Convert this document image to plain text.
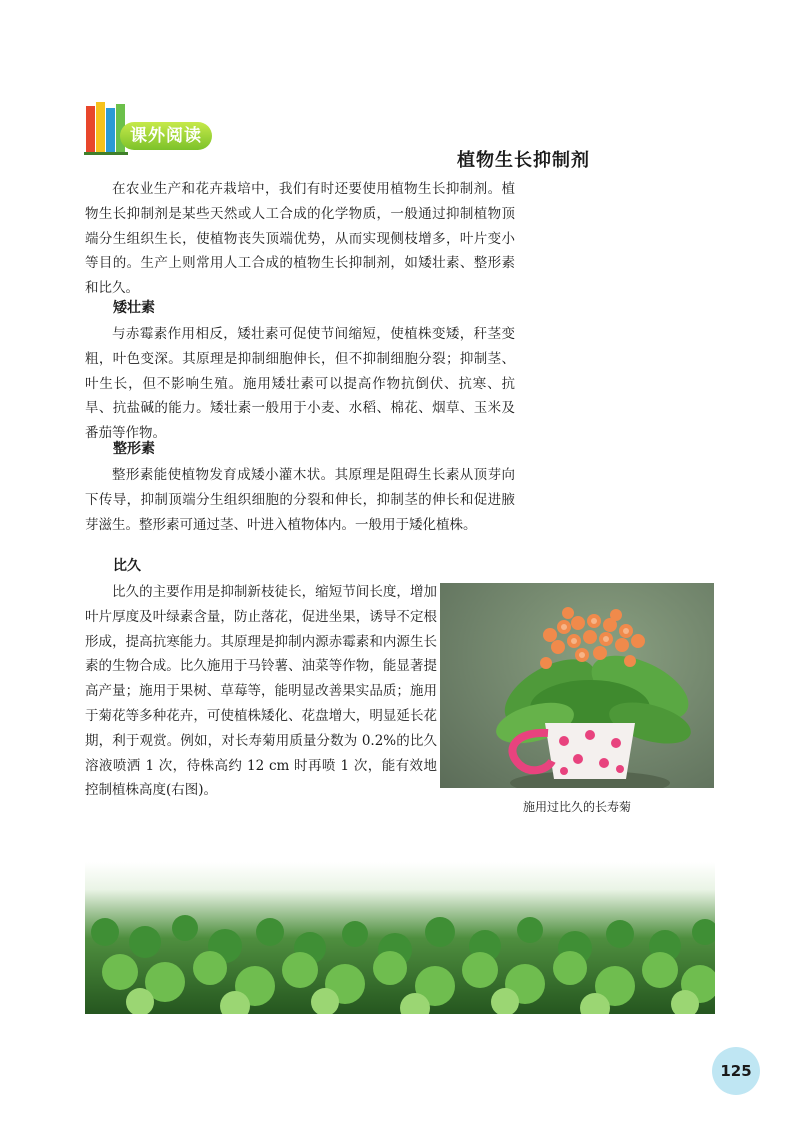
课外阅读
植物生长抑制剂

在农业生产和花卉栽培中，我们有时还要使用植物生长抑制剂。植物生长抑制剂是某些天然或人工合成的化学物质，一般通过抑制植物顶端分生组织生长，使植物丧失顶端优势，从而实现侧枝增多，叶片变小等目的。生产上则常用人工合成的植物生长抑制剂，如矮壮素、整形素和比久。

矮壮素

与赤霉素作用相反，矮壮素可促使节间缩短，使植株变矮，秆茎变粗，叶色变深。其原理是抑制细胞伸长，但不抑制细胞分裂；抑制茎、叶生长，但不影响生殖。施用矮壮素可以提高作物抗倒伏、抗寒、抗旱、抗盐碱的能力。矮壮素一般用于小麦、水稻、棉花、烟草、玉米及番茄等作物。

整形素

整形素能使植物发育成矮小灌木状。其原理是阻碍生长素从顶芽向下传导，抑制顶端分生组织细胞的分裂和伸长，抑制茎的伸长和促进腋芽滋生。整形素可通过茎、叶进入植物体内。一般用于矮化植株。

比久

比久的主要作用是抑制新枝徒长，缩短节间长度，增加叶片厚度及叶绿素含量，防止落花，促进坐果，诱导不定根形成，提高抗寒能力。其原理是抑制内源赤霉素和内源生长素的生物合成。比久施用于马铃薯、油菜等作物，能显著提高产量；施用于果树、草莓等，能明显改善果实品质；施用于菊花等多种花卉，可使植株矮化、花盘增大，明显延长花期，利于观赏。例如，对长寿菊用质量分数为 0.2%的比久溶液喷洒 1 次，待株高约 12 cm 时再喷 1 次，能有效地控制植株高度(右图)。

施用过比久的长寿菊
125
